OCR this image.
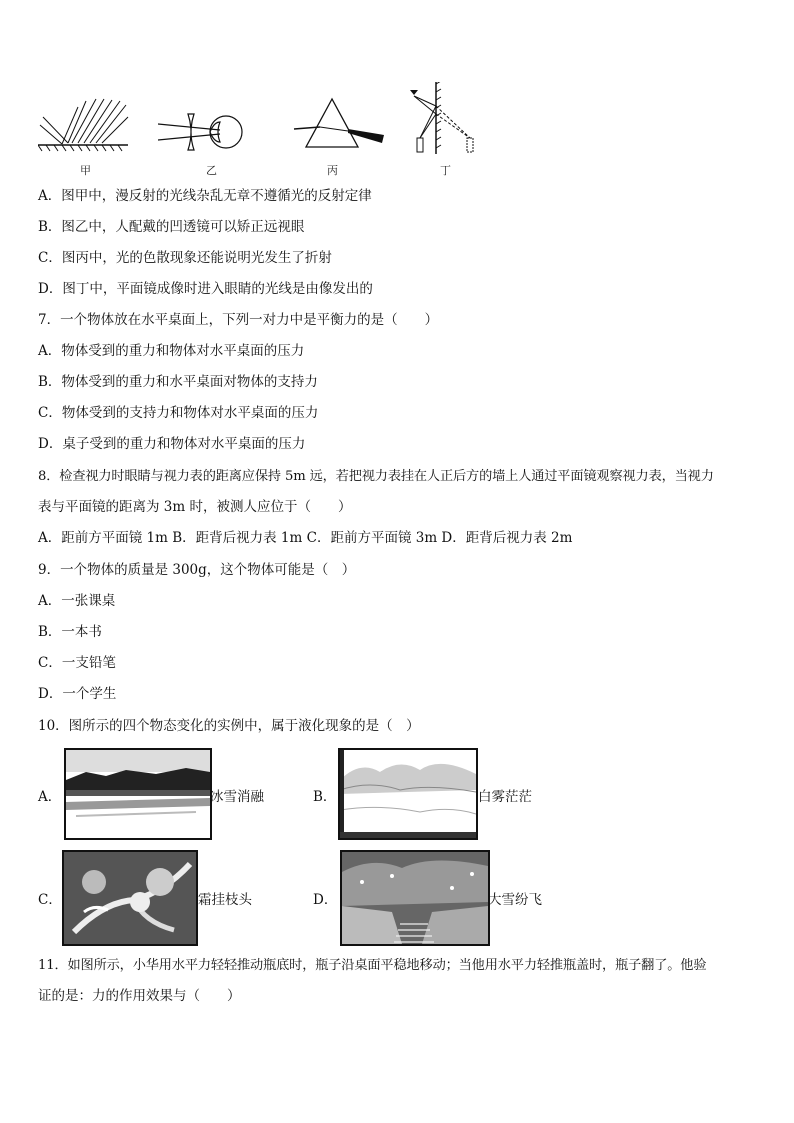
甲	乙	丙	丁
A．图甲中，漫反射的光线杂乱无章不遵循光的反射定律
B．图乙中，人配戴的凹透镜可以矫正远视眼
C．图丙中，光的色散现象还能说明光发生了折射
D．图丁中，平面镜成像时进入眼睛的光线是由像发出的
7．一个物体放在水平桌面上，下列一对力中是平衡力的是（　　）
A．物体受到的重力和物体对水平桌面的压力
B．物体受到的重力和水平桌面对物体的支持力
C．物体受到的支持力和物体对水平桌面的压力
D．桌子受到的重力和物体对水平桌面的压力
8．检查视力时眼睛与视力表的距离应保持 5m 远，若把视力表挂在人正后方的墙上人通过平面镜观察视力表，当视力
表与平面镜的距离为 3m 时，被测人应位于（　　）
A．距前方平面镜 1m B．距背后视力表 1m C．距前方平面镜 3m D．距背后视力表 2m
9．一个物体的质量是 300g，这个物体可能是（　）
A．一张课桌
B．一本书
C．一支铅笔
D．一个学生
10．图所示的四个物态变化的实例中，属于液化现象的是（　）
A．	冰雪消融	B．	白雾茫茫
C．	霜挂枝头	D．	大雪纷飞
11．如图所示，小华用水平力轻轻推动瓶底时，瓶子沿桌面平稳地移动；当他用水平力轻推瓶盖时，瓶子翻了。他验
证的是：力的作用效果与（　　）
